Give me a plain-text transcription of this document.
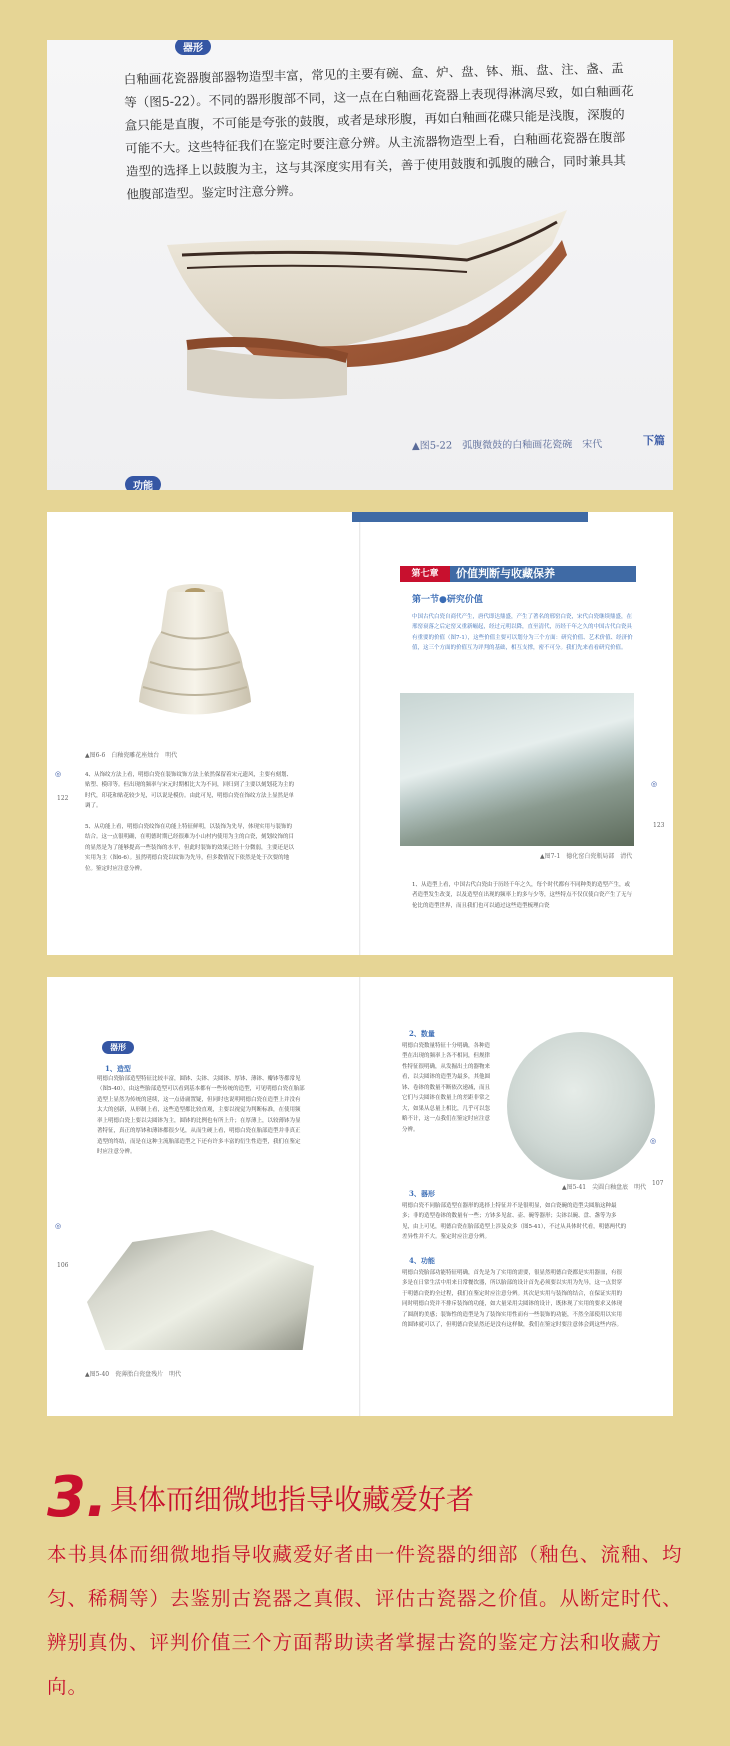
器形
白釉画花瓷器腹部器物造型丰富，常见的主要有碗、盒、炉、盘、钵、瓶、盘、注、盏、盂等（图5-22）。不同的器形腹部不同，这一点在白釉画花瓷器上表现得淋漓尽致，如白釉画花盒只能是直腹，不可能是夸张的鼓腹，或者是球形腹，再如白釉画花碟只能是浅腹，深腹的可能不大。这些特征我们在鉴定时要注意分辨。从主流器物造型上看，白釉画花瓷器在腹部造型的选择上以鼓腹为主，这与其深度实用有关，善于使用鼓腹和弧腹的融合，同时兼具其他腹部造型。鉴定时注意分辨。
▲图5-22　弧腹微鼓的白釉画花瓷碗　宋代
功能
下篇
▲图6-6　白釉瓷雕花座烛台　明代
◎
122
4、从饰纹方法上看，明德白瓷在装饰纹饰方法上依然保留着宋元遗风，主要有刻划、贴塑、模印等。但出现的频率与宋元时期相比大为不同，回归到了主要以刻划花为主的时代，印花和贴花较少见，可以说是模仿。由此可见，明德白瓷在饰纹方法上显然是单调了。
5、从功能上看，明德白瓷纹饰在功能上特征鲜明，以装饰为先导，体现实用与装饰的结合。这一点很明确，在明德时期已经很难为小山村内使用为主的白瓷，刻划纹饰的目的显然是为了能够提高一些装饰的水平，但此时装饰的效果已经十分微弱，主要还是以实用为主（图6-6）。虽然明德白瓷以纹饰为先导，但多数情况下依然是处于次要的地位。鉴定时应注意分辨。
第七章	价值判断与收藏保养
第一节●研究价值
中国古代白瓷自商代产生，唐代即达鼎盛，产生了著名的邢窑白瓷，宋代白瓷继续鼎盛，在邢窑衰落之后定窑又重新崛起，经过元明以降，直至清代，历经千年之久的中国古代白瓷具有重要的价值（图7-1），这些价值主要可以划分为三个方面：研究价值、艺术价值、经济价值，这三个方面的价值互为评判的基础，相互支撑，密不可分。我们先来看看研究价值。
▲图7-1　德化窑白瓷瓶局部　清代
◎
123
1、从造型上看，中国古代白瓷由于历经千年之久，每个时代都有不同种类的造型产生，或者造型发生改变，以及造型在出现的频率上的多与少等，这些特点不仅仅使白瓷产生了无与伦比的造型世界，而且我们也可以通过这些造型梳理白瓷
器形
1、造型
明德白瓷胎部造型特征比较丰富，圆钵、尖钵、尖圆钵、厚钵、薄钵、瓣钵等都常见（图5-40），由这些胎部造型可以看到基本都有一些传统的造型，可见明德白瓷在胎部造型上显然为传统的延续，这一点毋庸置疑，但同时也说明明德白瓷在造型上并没有太大的创新，从形制上看，这些造型都比较直观，主要以视觉为判断标准，在使用频率上明德白瓷上要以尖圆钵为主，圆钵的比例也有所上升；在厚薄上，以较薄钵为显著特征，真正的厚钵和薄钵都很少见，从而生硬上看，明德白瓷在胎部造型并非真正造型的终结，而是在这种主流胎部造型之下还有许多丰富的衍生性造型，我们在鉴定时应注意分辨。
▲图5-40　瓷薄胎白瓷盘残片　明代
◎
106
2、数量
明德白瓷数量特征十分明确，各种造型在出现的频率上各不相同，但规律性特征很明确，从发掘出土的器物来看，以尖圆钵的造型为最多，其他圆钵、卷钵的数量不断依次递减，而且它们与尖圆钵在数量上的差距非常之大，如果从总量上相比，几乎可以忽略不计，这一点我们在鉴定时应注意分辨。
▲图5-41　尖圆白釉盘底　明代
3、器形
明德白瓷不同胎部造型在器形的选择上特征并不是很明显，如白瓷碗的造型尖圆胎这种最多；非的造型卷钵的数量有一些；方钵多见盆、壶、碗等器形；尖钵以碗、盘、盏等为多见，由上可见，明德白瓷在胎部造型上涉及众多（图5-41），不过从具体时代看，明德两代的差异性并不大。鉴定时应注意分辨。
4、功能
明德白瓷胎部功能特征明确，首先是为了实用的需要，很显然明德白瓷都是实用器皿，有很多是在日常生活中用来日常餐饮器，所以胎部的设计首先必须要以实用为先导，这一点贯穿于明德白瓷的全过程，我们在鉴定时应注意分辨。其次是实用与装饰的结合，在保证实用的同时明德白瓷并不排斥装饰的功能，如大量采用尖圆钵的设计，既体现了实用的要求又体现了圆润的美感；装饰性的造型是为了装饰实用性而有一些装饰的功能，不然全部使用以实用的圆钵就可以了，但明德白瓷显然还是没有这样做，我们在鉴定时要注意体会到这些内容。
◎
107
3. 具体而细微地指导收藏爱好者
本书具体而细微地指导收藏爱好者由一件瓷器的细部（釉色、流釉、均匀、稀稠等）去鉴别古瓷器之真假、评估古瓷器之价值。从断定时代、辨别真伪、评判价值三个方面帮助读者掌握古瓷的鉴定方法和收藏方向。
